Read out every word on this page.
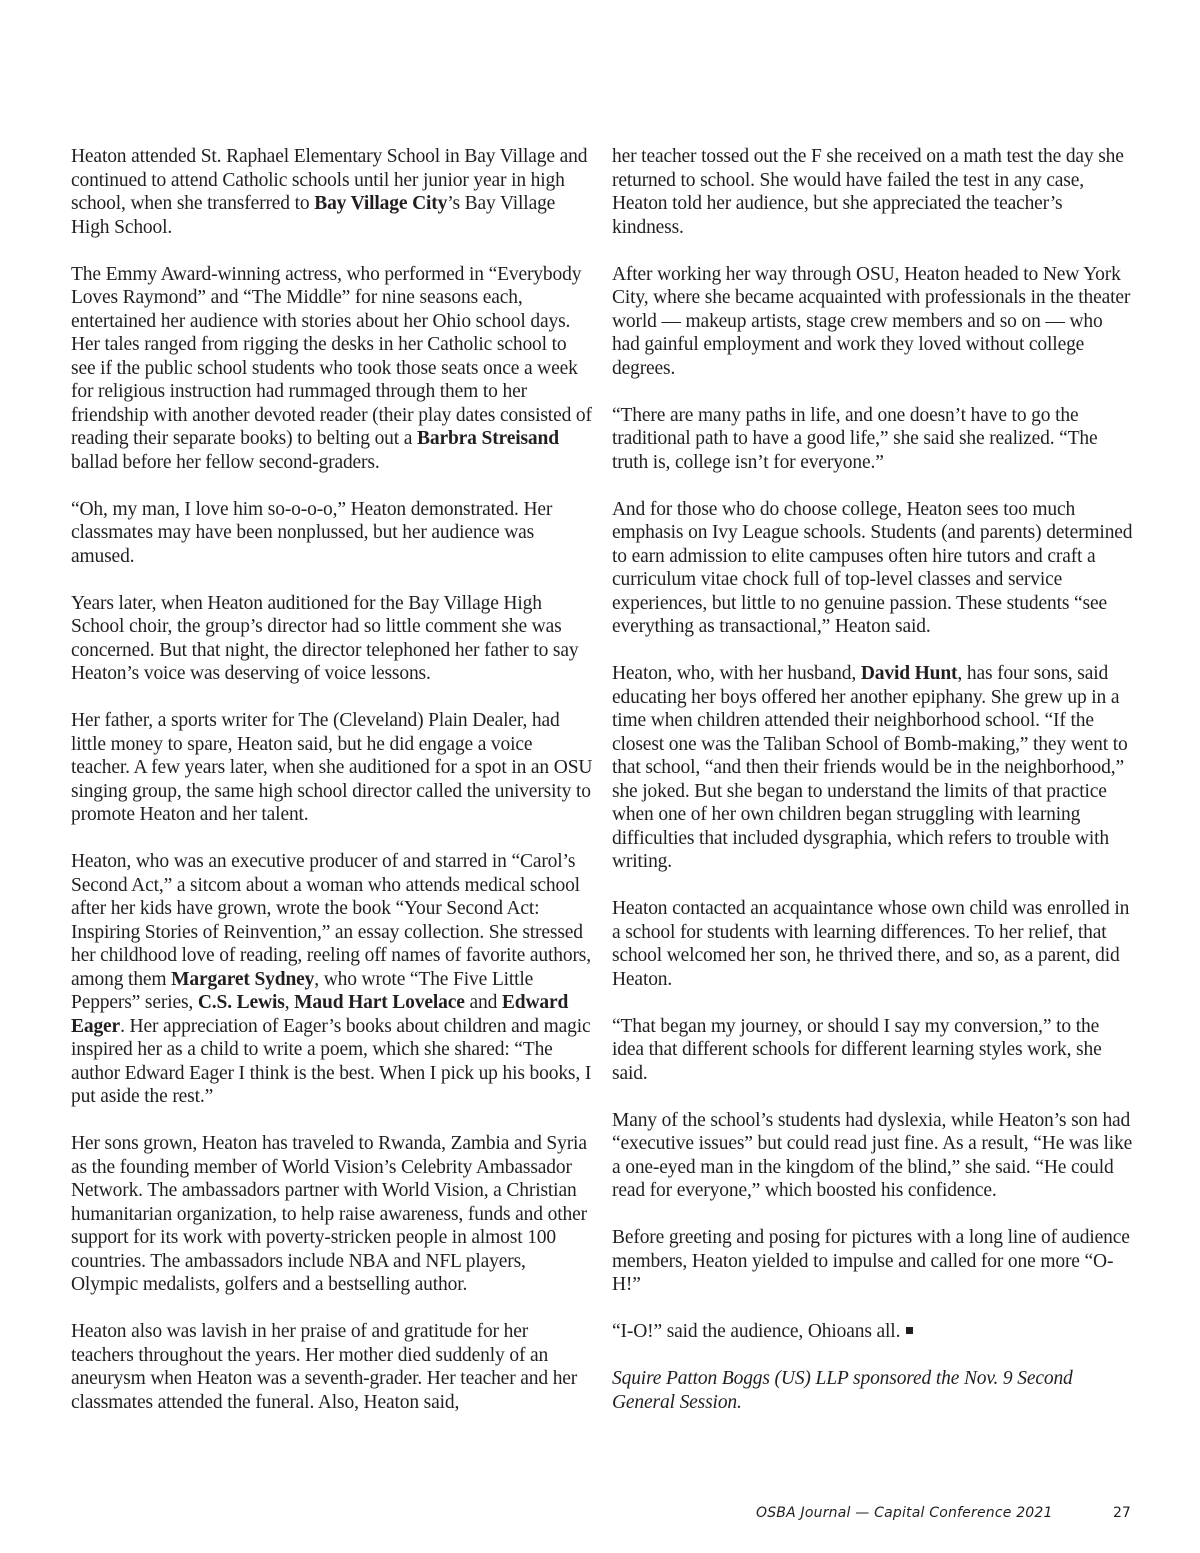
Heaton attended St. Raphael Elementary School in Bay Village and continued to attend Catholic schools until her junior year in high school, when she transferred to Bay Village City’s Bay Village High School.

The Emmy Award-winning actress, who performed in “Everybody Loves Raymond” and “The Middle” for nine seasons each, entertained her audience with stories about her Ohio school days. Her tales ranged from rigging the desks in her Catholic school to see if the public school students who took those seats once a week for religious instruction had rummaged through them to her friendship with another devoted reader (their play dates consisted of reading their separate books) to belting out a Barbra Streisand ballad before her fellow second-graders.

“Oh, my man, I love him so-o-o-o,” Heaton demonstrated. Her classmates may have been nonplussed, but her audience was amused.

Years later, when Heaton auditioned for the Bay Village High School choir, the group’s director had so little comment she was concerned. But that night, the director telephoned her father to say Heaton’s voice was deserving of voice lessons.

Her father, a sports writer for The (Cleveland) Plain Dealer, had little money to spare, Heaton said, but he did engage a voice teacher. A few years later, when she auditioned for a spot in an OSU singing group, the same high school director called the university to promote Heaton and her talent.

Heaton, who was an executive producer of and starred in “Carol’s Second Act,” a sitcom about a woman who attends medical school after her kids have grown, wrote the book “Your Second Act: Inspiring Stories of Reinvention,” an essay collection. She stressed her childhood love of reading, reeling off names of favorite authors, among them Margaret Sydney, who wrote “The Five Little Peppers” series, C.S. Lewis, Maud Hart Lovelace and Edward Eager. Her appreciation of Eager’s books about children and magic inspired her as a child to write a poem, which she shared: “The author Edward Eager I think is the best. When I pick up his books, I put aside the rest.”

Her sons grown, Heaton has traveled to Rwanda, Zambia and Syria as the founding member of World Vision’s Celebrity Ambassador Network. The ambassadors partner with World Vision, a Christian humanitarian organization, to help raise awareness, funds and other support for its work with poverty-stricken people in almost 100 countries. The ambassadors include NBA and NFL players, Olympic medalists, golfers and a bestselling author.

Heaton also was lavish in her praise of and gratitude for her teachers throughout the years. Her mother died suddenly of an aneurysm when Heaton was a seventh-grader. Her teacher and her classmates attended the funeral. Also, Heaton said,

her teacher tossed out the F she received on a math test the day she returned to school. She would have failed the test in any case, Heaton told her audience, but she appreciated the teacher’s kindness.

After working her way through OSU, Heaton headed to New York City, where she became acquainted with professionals in the theater world — makeup artists, stage crew members and so on — who had gainful employment and work they loved without college degrees.

“There are many paths in life, and one doesn’t have to go the traditional path to have a good life,” she said she realized. “The truth is, college isn’t for everyone.”

And for those who do choose college, Heaton sees too much emphasis on Ivy League schools. Students (and parents) determined to earn admission to elite campuses often hire tutors and craft a curriculum vitae chock full of top-level classes and service experiences, but little to no genuine passion. These students “see everything as transactional,” Heaton said.

Heaton, who, with her husband, David Hunt, has four sons, said educating her boys offered her another epiphany. She grew up in a time when children attended their neighborhood school. “If the closest one was the Taliban School of Bomb-making,” they went to that school, “and then their friends would be in the neighborhood,” she joked. But she began to understand the limits of that practice when one of her own children began struggling with learning difficulties that included dysgraphia, which refers to trouble with writing.

Heaton contacted an acquaintance whose own child was enrolled in a school for students with learning differences. To her relief, that school welcomed her son, he thrived there, and so, as a parent, did Heaton.

“That began my journey, or should I say my conversion,” to the idea that different schools for different learning styles work, she said.

Many of the school’s students had dyslexia, while Heaton’s son had “executive issues” but could read just fine. As a result, “He was like a one-eyed man in the kingdom of the blind,” she said. “He could read for everyone,” which boosted his confidence.

Before greeting and posing for pictures with a long line of audience members, Heaton yielded to impulse and called for one more “O-H!”

“I-O!” said the audience, Ohioans all.

Squire Patton Boggs (US) LLP sponsored the Nov. 9 Second General Session.

OSBA Journal — Capital Conference 2021	27
